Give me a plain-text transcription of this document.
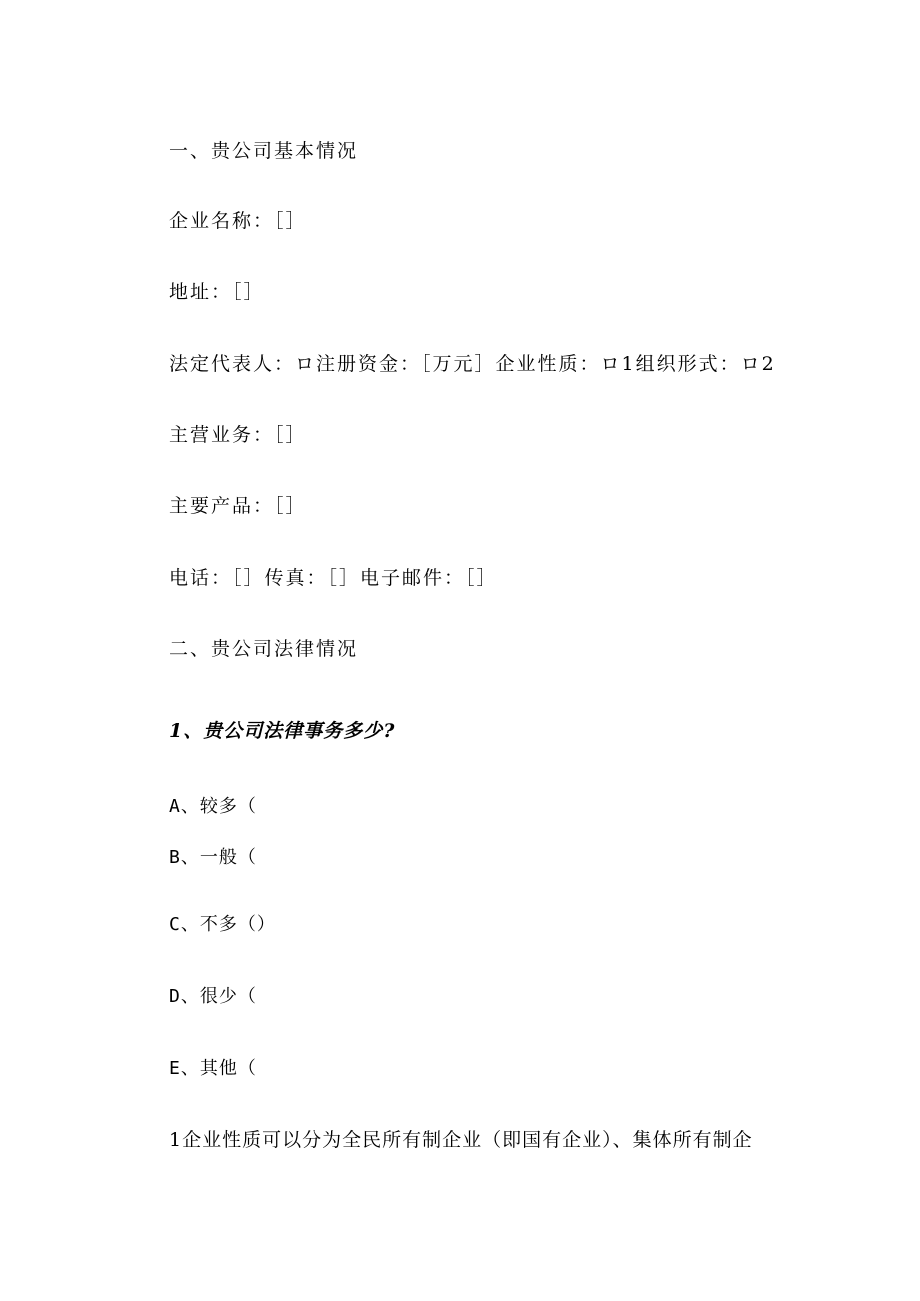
一、贵公司基本情况
企业名称：［］
地址：［］
法定代表人：ロ注册资金：［万元］企业性质：ロ1组织形式：ロ2
主营业务：［］
主要产品：［］
电话：［］传真：［］电子邮件：［］
二、贵公司法律情况
1、贵公司法律事务多少?
A、较多（
B、一般（
C、不多（）
D、很少（
E、其他（
1企业性质可以分为全民所有制企业（即国有企业）、集体所有制企
